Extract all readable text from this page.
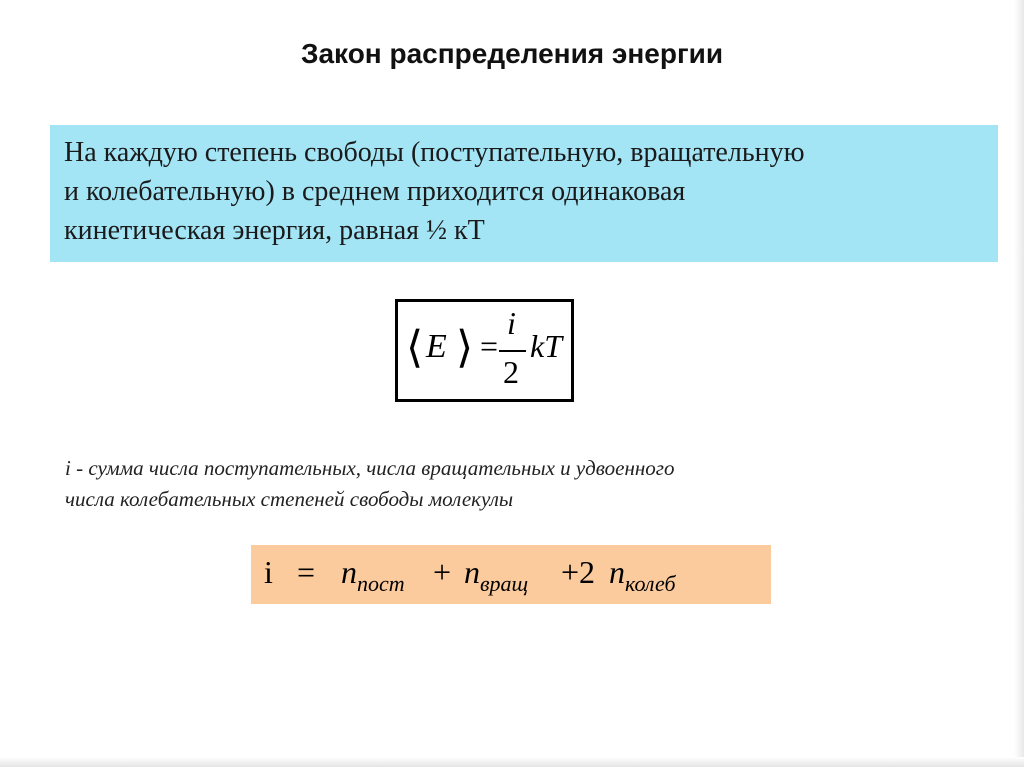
Закон распределения энергии
На каждую степень свободы (поступательную, вращательную
и колебательную) в среднем приходится одинаковая
кинетическая энергия, равная ½ кТ
⟨ E ⟩ =
i
2
kT
i - сумма числа поступательных, числа вращательных и удвоенного
числа колебательных степеней свободы молекулы
$i = n_{пост} + n_{вращ} +2$ $n_{колеб}$
